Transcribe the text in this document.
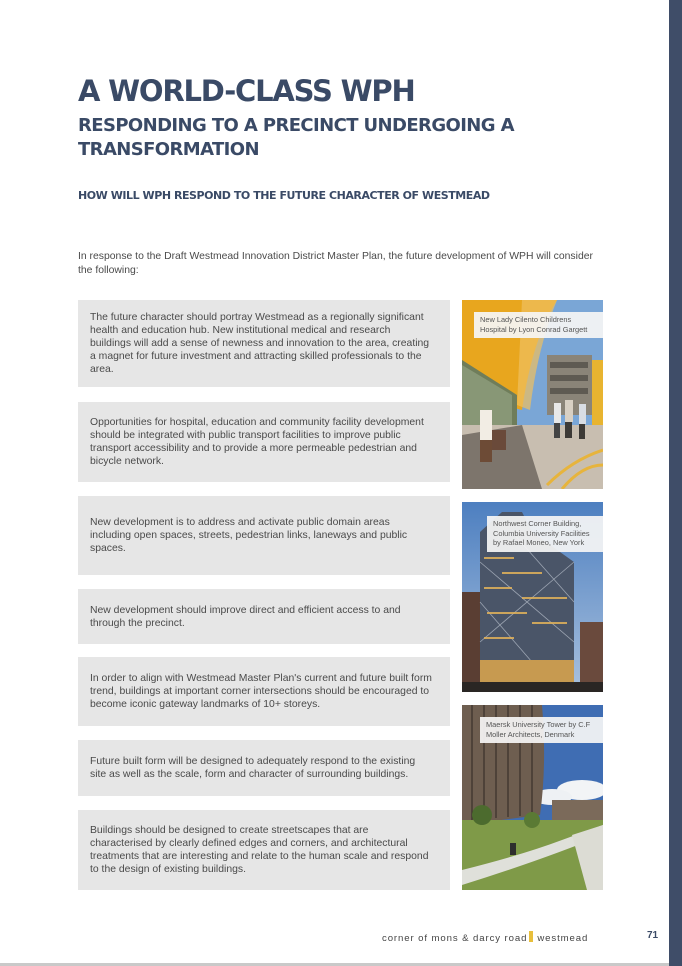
A WORLD-CLASS WPH
RESPONDING TO A PRECINCT UNDERGOING A TRANSFORMATION
HOW WILL WPH RESPOND TO THE FUTURE CHARACTER OF WESTMEAD

In response to the Draft Westmead Innovation District Master Plan, the future development of WPH will consider the following:

The future character should portray Westmead as a regionally significant health and education hub. New institutional medical and research buildings will add a sense of newness and innovation to the area, creating a magnet for future investment and attracting skilled professionals to the area.

Opportunities for hospital, education and community facility development should be integrated with public transport facilities to improve public transport accessibility and to provide a more permeable pedestrian and bicycle network.

New development is to address and activate public domain areas including open spaces, streets, pedestrian links, laneways and public spaces.

New development should improve direct and efficient access to and through the precinct.

In order to align with Westmead Master Plan's current and future built form trend, buildings at important corner intersections should be encouraged to become iconic gateway landmarks of 10+ storeys.

Future built form will be designed to adequately respond to the existing site as well as the scale, form and character of surrounding buildings.

Buildings should be designed to create streetscapes that are characterised by clearly defined edges and corners, and architectural treatments that are interesting and relate to the human scale and respond to the design of existing buildings.

New Lady Cilento Childrens Hospital by Lyon Conrad Gargett
Northwest Corner Building, Columbia University Facilities by Rafael Moneo, New York
Maersk University Tower by C.F Moller Architects, Denmark
corner of mons & darcy road westmead	71
